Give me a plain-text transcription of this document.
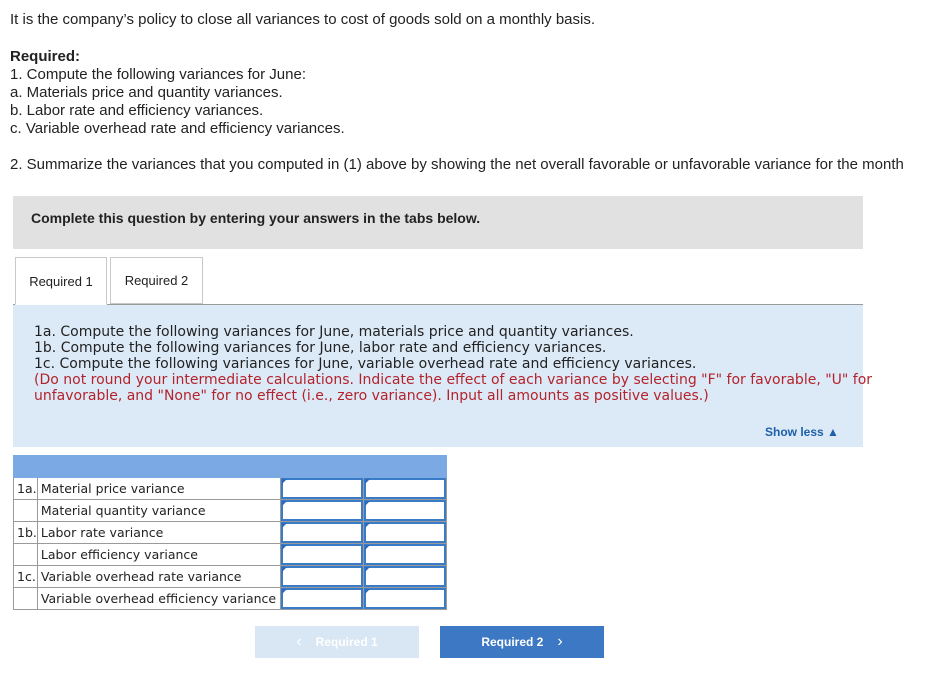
It is the company’s policy to close all variances to cost of goods sold on a monthly basis.
Required:
1. Compute the following variances for June:
a. Materials price and quantity variances.
b. Labor rate and efficiency variances.
c. Variable overhead rate and efficiency variances.
2. Summarize the variances that you computed in (1) above by showing the net overall favorable or unfavorable variance for the month
Complete this question by entering your answers in the tabs below.
Required 1 Required 2
1a. Compute the following variances for June, materials price and quantity variances.
1b. Compute the following variances for June, labor rate and efficiency variances.
1c. Compute the following variances for June, variable overhead rate and efficiency variances.
(Do not round your intermediate calculations. Indicate the effect of each variance by selecting "F" for favorable, "U" for
unfavorable, and "None" for no effect (i.e., zero variance). Input all amounts as positive values.)
Show less ▲

1a.	Material price variance	

	Material quantity variance	

1b.	Labor rate variance	

	Labor efficiency variance	

1c.	Variable overhead rate variance	

	Variable overhead efficiency variance	

‹ Required 1	Required 2 ›
